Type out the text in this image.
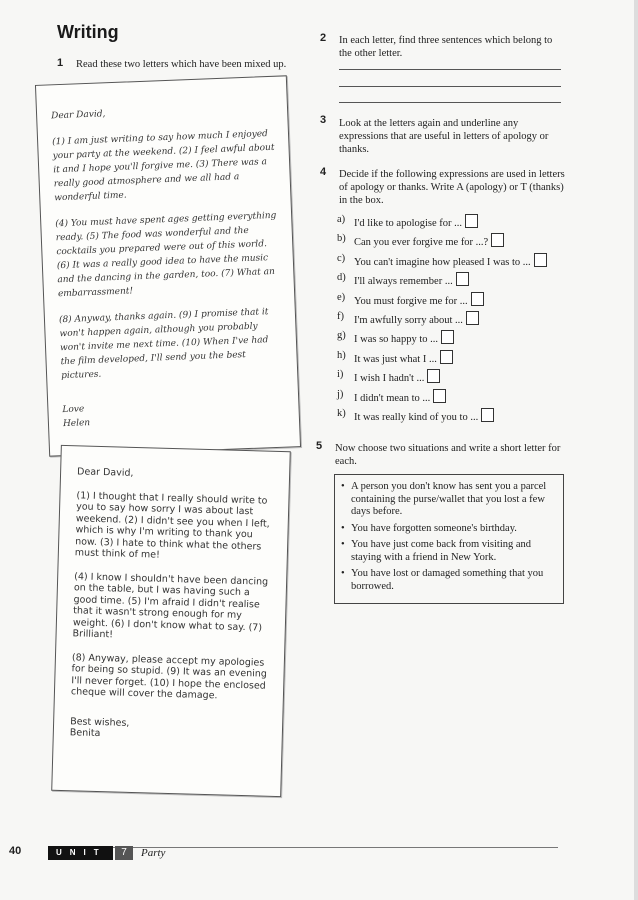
Writing
1 Read these two letters which have been mixed up.

Dear David,

(1) I am just writing to say how much I enjoyed your party at the weekend. (2) I feel awful about it and I hope you'll forgive me. (3) There was a really good atmosphere and we all had a wonderful time.

(4) You must have spent ages getting everything ready. (5) The food was wonderful and the cocktails you prepared were out of this world. (6) It was a really good idea to have the music and the dancing in the garden, too. (7) What an embarrassment!

(8) Anyway, thanks again. (9) I promise that it won't happen again, although you probably won't invite me next time. (10) When I've had the film developed, I'll send you the best pictures.

Love
Helen

Dear David,

(1) I thought that I really should write to you to say how sorry I was about last weekend. (2) I didn't see you when I left, which is why I'm writing to thank you now. (3) I hate to think what the others must think of me!

(4) I know I shouldn't have been dancing on the table, but I was having such a good time. (5) I'm afraid I didn't realise that it wasn't strong enough for my weight. (6) I don't know what to say. (7) Brilliant!

(8) Anyway, please accept my apologies for being so stupid. (9) It was an evening I'll never forget. (10) I hope the enclosed cheque will cover the damage.

Best wishes,
Benita
2 In each letter, find three sentences which belong to the other letter.
3 Look at the letters again and underline any expressions that are useful in letters of apology or thanks.
4 Decide if the following expressions are used in letters of apology or thanks. Write A (apology) or T (thanks) in the box.
a) I'd like to apologise for ...
b) Can you ever forgive me for ...?
c) You can't imagine how pleased I was to ...
d) I'll always remember ...
e) You must forgive me for ...
f) I'm awfully sorry about ...
g) I was so happy to ...
h) It was just what I ...
i)	I wish I hadn't ...
j)	I didn't mean to ...
k) It was really kind of you to ...
5 Now choose two situations and write a short letter for each.
• A person you don't know has sent you a parcel containing the purse/wallet that you lost a few days before.
• You have forgotten someone's birthday.
• You have just come back from visiting and staying with a friend in New York.
• You have lost or damaged something that you borrowed.
40	UNIT	7	Party
